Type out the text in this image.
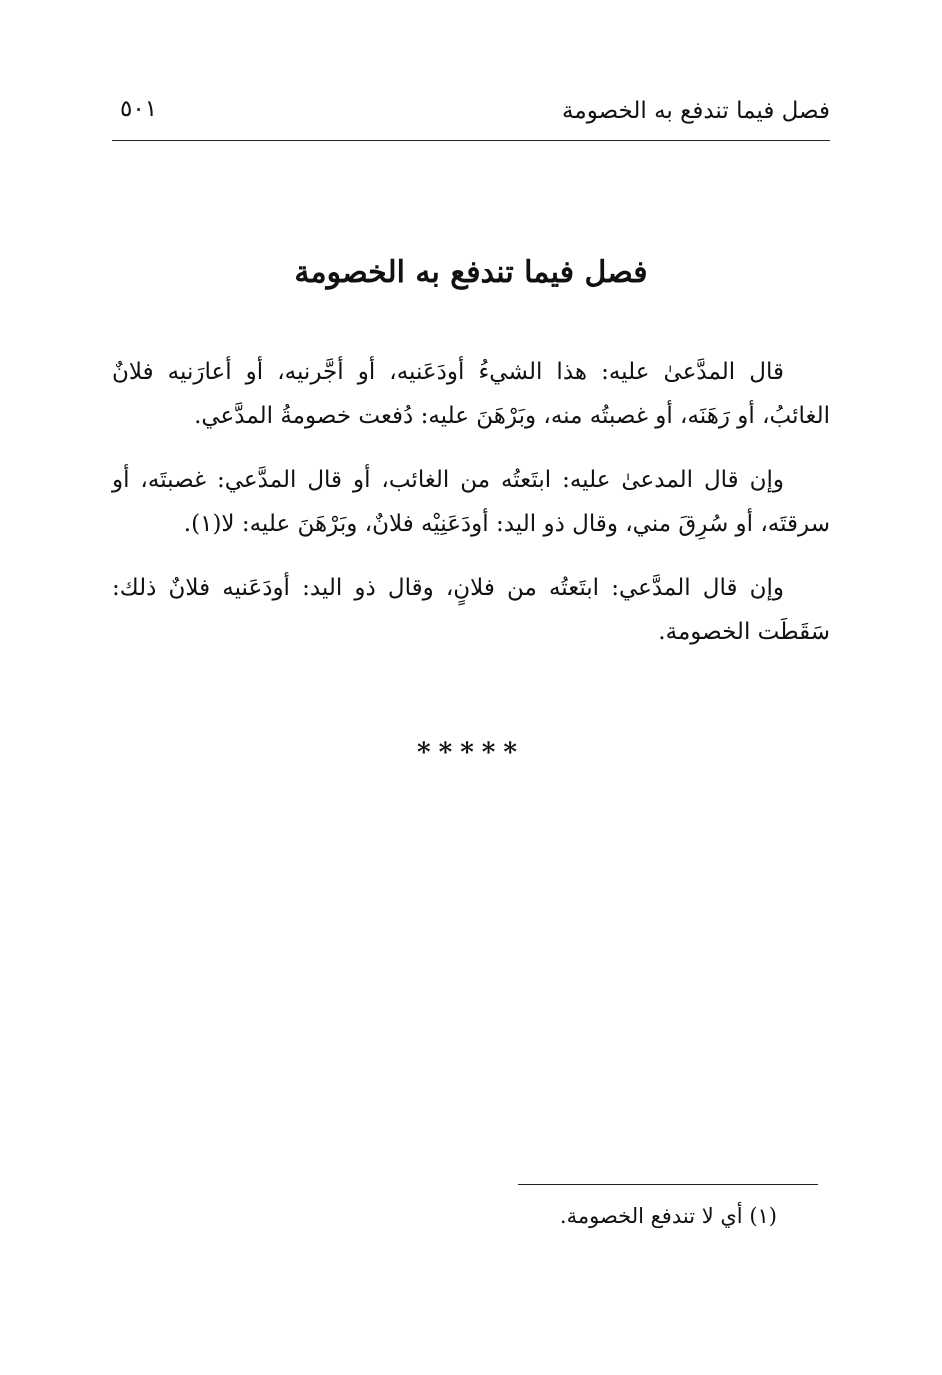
فصل فيما تندفع به الخصومة
٥٠١
فصل فيما تندفع به الخصومة

قال المدَّعىٰ عليه: هذا الشيءُ أودَعَنيه، أو أجَّرنيه، أو أعارَنيه فلانٌ الغائبُ، أو رَهَنَه، أو غصبتُه منه، وبَرْهَنَ عليه: دُفعت خصومةُ المدَّعي.

وإن قال المدعىٰ عليه: ابتَعتُه من الغائب، أو قال المدَّعي: غصبتَه، أو سرقتَه، أو سُرِقَ مني، وقال ذو اليد: أودَعَنِيْه فلانٌ، وبَرْهَنَ عليه: لا(١).

وإن قال المدَّعي: ابتَعتُه من فلانٍ، وقال ذو اليد: أودَعَنيه فلانٌ ذلك: سَقَطَت الخصومة.

*****
(١) أي لا تندفع الخصومة.
